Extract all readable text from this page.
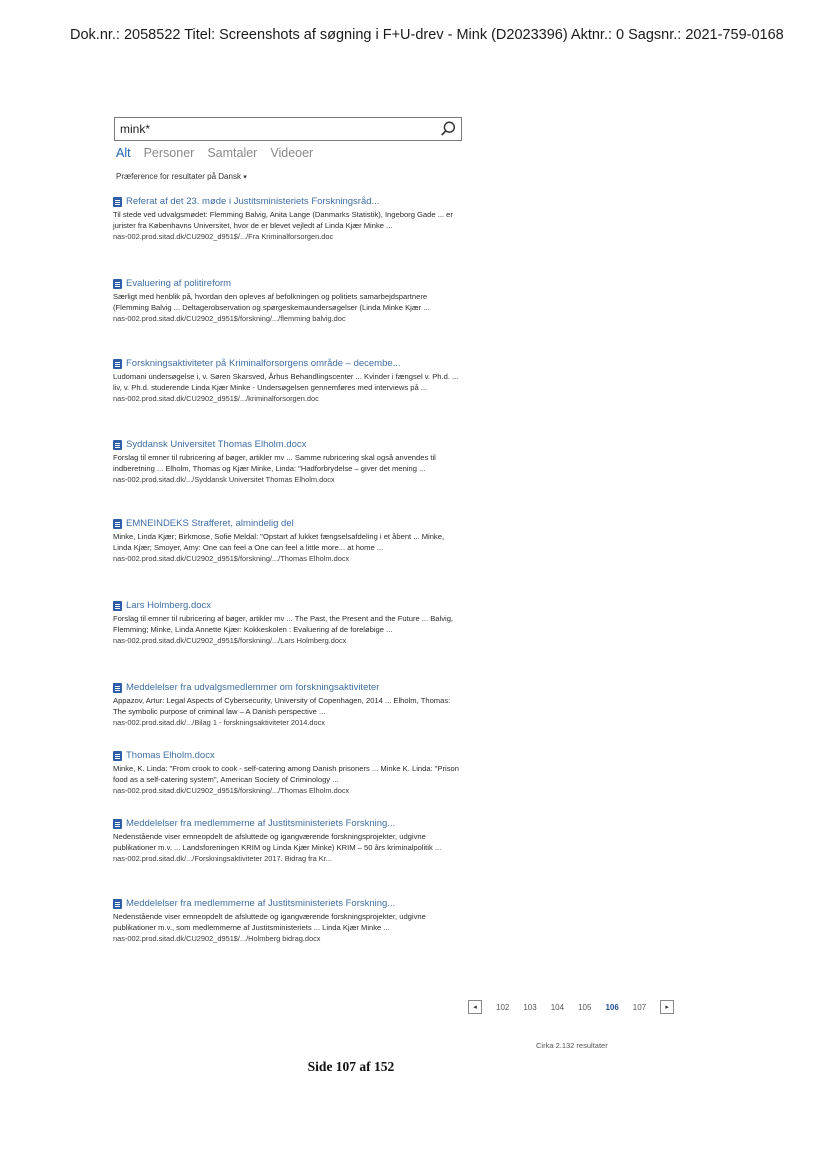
Dok.nr.: 2058522 Titel: Screenshots af søgning i F+U-drev - Mink (D2023396) Aktnr.: 0 Sagsnr.: 2021-759-0168
mink*
Alt Personer Samtaler Videoer
Præference for resultater på Dansk ▾
Referat af det 23. møde i Justitsministeriets Forskningsråd...
Til stede ved udvalgsmødet: Flemming Balvig, Anita Lange (Danmarks Statistik), Ingeborg Gade ... er jurister fra Københavns Universitet, hvor de er blevet vejledt af Linda Kjær Minke ...
nas-002.prod.sitad.dk/CU2902_d951$/.../Fra Kriminalforsorgen.doc
Evaluering af politireform
Særligt med henblik på, hvordan den opleves af befolkningen og politiets samarbejdspartnere (Flemming Balvig ... Deltagerobservation og spørgeskemaundersøgelser (Linda Minke Kjær ...
nas-002.prod.sitad.dk/CU2902_d951$/forskning/.../flemming balvig.doc
Forskningsaktiviteter på Kriminalforsorgens område – decembe...
Ludomani undersøgelse i, v. Søren Skarsved, Århus Behandlingscenter ... Kvinder i fængsel v. Ph.d. ... liv, v. Ph.d. studerende Linda Kjær Minke - Undersøgelsen gennemføres med interviews på ...
nas-002.prod.sitad.dk/CU2902_d951$/.../kriminalforsorgen.doc
Syddansk Universitet Thomas Elholm.docx
Forslag til emner til rubricering af bøger, artikler mv ... Samme rubricering skal også anvendes til indberetning ... Elholm, Thomas og Kjær Minke, Linda: "Hadforbrydelse – giver det mening ...
nas-002.prod.sitad.dk/.../Syddansk Universitet Thomas Elholm.docx
EMNEINDEKS Strafferet, almindelig del
Minke, Linda Kjær; Birkmose, Sofie Meldal: "Opstart af lukket fængselsafdeling i et åbent ... Minke, Linda Kjær; Smoyer, Amy: One can feel a One can feel a little more... at home ...
nas-002.prod.sitad.dk/CU2902_d951$/forskning/.../Thomas Elholm.docx
Lars Holmberg.docx
Forslag til emner til rubricering af bøger, artikler mv ... The Past, the Present and the Future ... Balvig, Flemming; Minke, Linda Annette Kjær: Kokkeskolen : Evaluering af de foreløbige ...
nas-002.prod.sitad.dk/CU2902_d951$/forskning/.../Lars Holmberg.docx
Meddelelser fra udvalgsmedlemmer om forskningsaktiviteter
Appazov, Artur: Legal Aspects of Cybersecurity, University of Copenhagen, 2014 ... Elholm, Thomas: The symbolic purpose of criminal law – A Danish perspective ...
nas-002.prod.sitad.dk/.../Bilag 1 - forskningsaktiviteter 2014.docx
Thomas Elholm.docx
Minke, K. Linda: "From crook to cook - self-catering among Danish prisoners ... Minke K. Linda: "Prison food as a self-catering system", American Society of Criminology ...
nas-002.prod.sitad.dk/CU2902_d951$/forskning/.../Thomas Elholm.docx
Meddelelser fra medlemmerne af Justitsministeriets Forskning...
Nedenstående viser emneopdelt de afsluttede og igangværende forskningsprojekter, udgivne publikationer m.v. ... Landsforeningen KRIM og Linda Kjær Minke) KRIM – 50 års kriminalpolitik ...
nas-002.prod.sitad.dk/.../Forskningsaktiviteter 2017. Bidrag fra Kr...
Meddelelser fra medlemmerne af Justitsministeriets Forskning...
Nedenstående viser emneopdelt de afsluttede og igangværende forskningsprojekter, udgivne publikationer m.v., som medlemmerne af Justitsministeriets ... Linda Kjær Minke ...
nas-002.prod.sitad.dk/CU2902_d951$/.../Holmberg bidrag.docx
◂	102 103 104 105 106 107	▸
Cirka 2.132 resultater
Side 107 af 152
